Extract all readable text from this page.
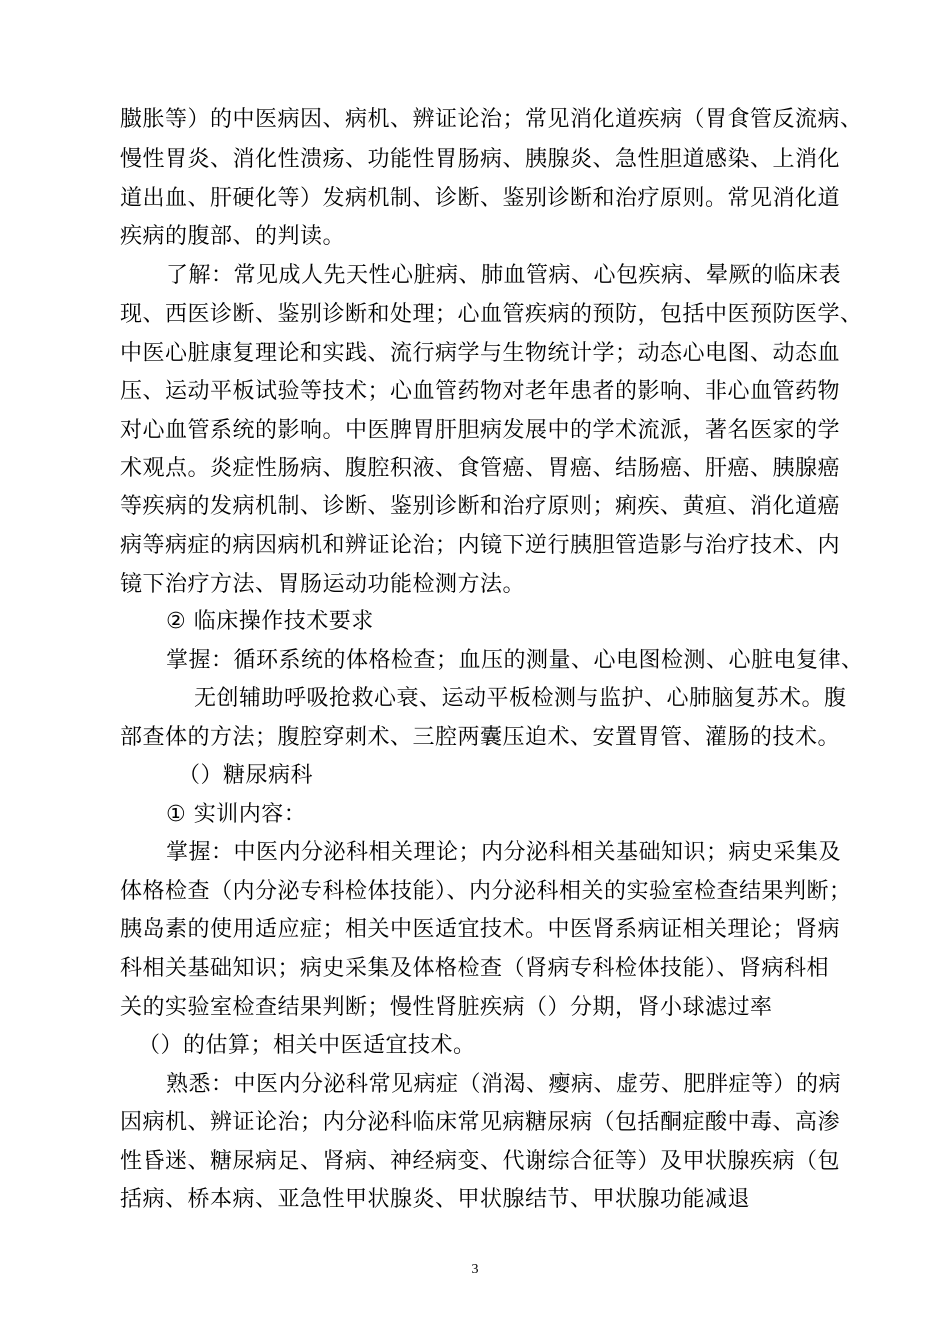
臌胀等）的中医病因、病机、辨证论治；常见消化道疾病（胃食管反流病、
慢性胃炎、消化性溃疡、功能性胃肠病、胰腺炎、急性胆道感染、上消化
道出血、肝硬化等）发病机制、诊断、鉴别诊断和治疗原则。常见消化道
疾病的腹部、的判读。
了解：常见成人先天性心脏病、肺血管病、心包疾病、晕厥的临床表
现、西医诊断、鉴别诊断和处理；心血管疾病的预防，包括中医预防医学、
中医心脏康复理论和实践、流行病学与生物统计学；动态心电图、动态血
压、运动平板试验等技术；心血管药物对老年患者的影响、非心血管药物
对心血管系统的影响。中医脾胃肝胆病发展中的学术流派，著名医家的学
术观点。炎症性肠病、腹腔积液、食管癌、胃癌、结肠癌、肝癌、胰腺癌
等疾病的发病机制、诊断、鉴别诊断和治疗原则；痢疾、黄疸、消化道癌
病等病症的病因病机和辨证论治；内镜下逆行胰胆管造影与治疗技术、内
镜下治疗方法、胃肠运动功能检测方法。
② 临床操作技术要求
掌握：循环系统的体格检查；血压的测量、心电图检测、心脏电复律、
无创辅助呼吸抢救心衰、运动平板检测与监护、心肺脑复苏术。腹
部查体的方法；腹腔穿刺术、三腔两囊压迫术、安置胃管、灌肠的技术。
（）糖尿病科
① 实训内容：
掌握：中医内分泌科相关理论；内分泌科相关基础知识；病史采集及
体格检查（内分泌专科检体技能）、内分泌科相关的实验室检查结果判断；
胰岛素的使用适应症；相关中医适宜技术。中医肾系病证相关理论；肾病
科相关基础知识；病史采集及体格检查（肾病专科检体技能）、肾病科相
关的实验室检查结果判断；慢性肾脏疾病（）分期，肾小球滤过率
（）的估算；相关中医适宜技术。
熟悉：中医内分泌科常见病症（消渴、瘿病、虚劳、肥胖症等）的病
因病机、辨证论治；内分泌科临床常见病糖尿病（包括酮症酸中毒、高渗
性昏迷、糖尿病足、肾病、神经病变、代谢综合征等）及甲状腺疾病（包
括病、桥本病、亚急性甲状腺炎、甲状腺结节、甲状腺功能减退
3
